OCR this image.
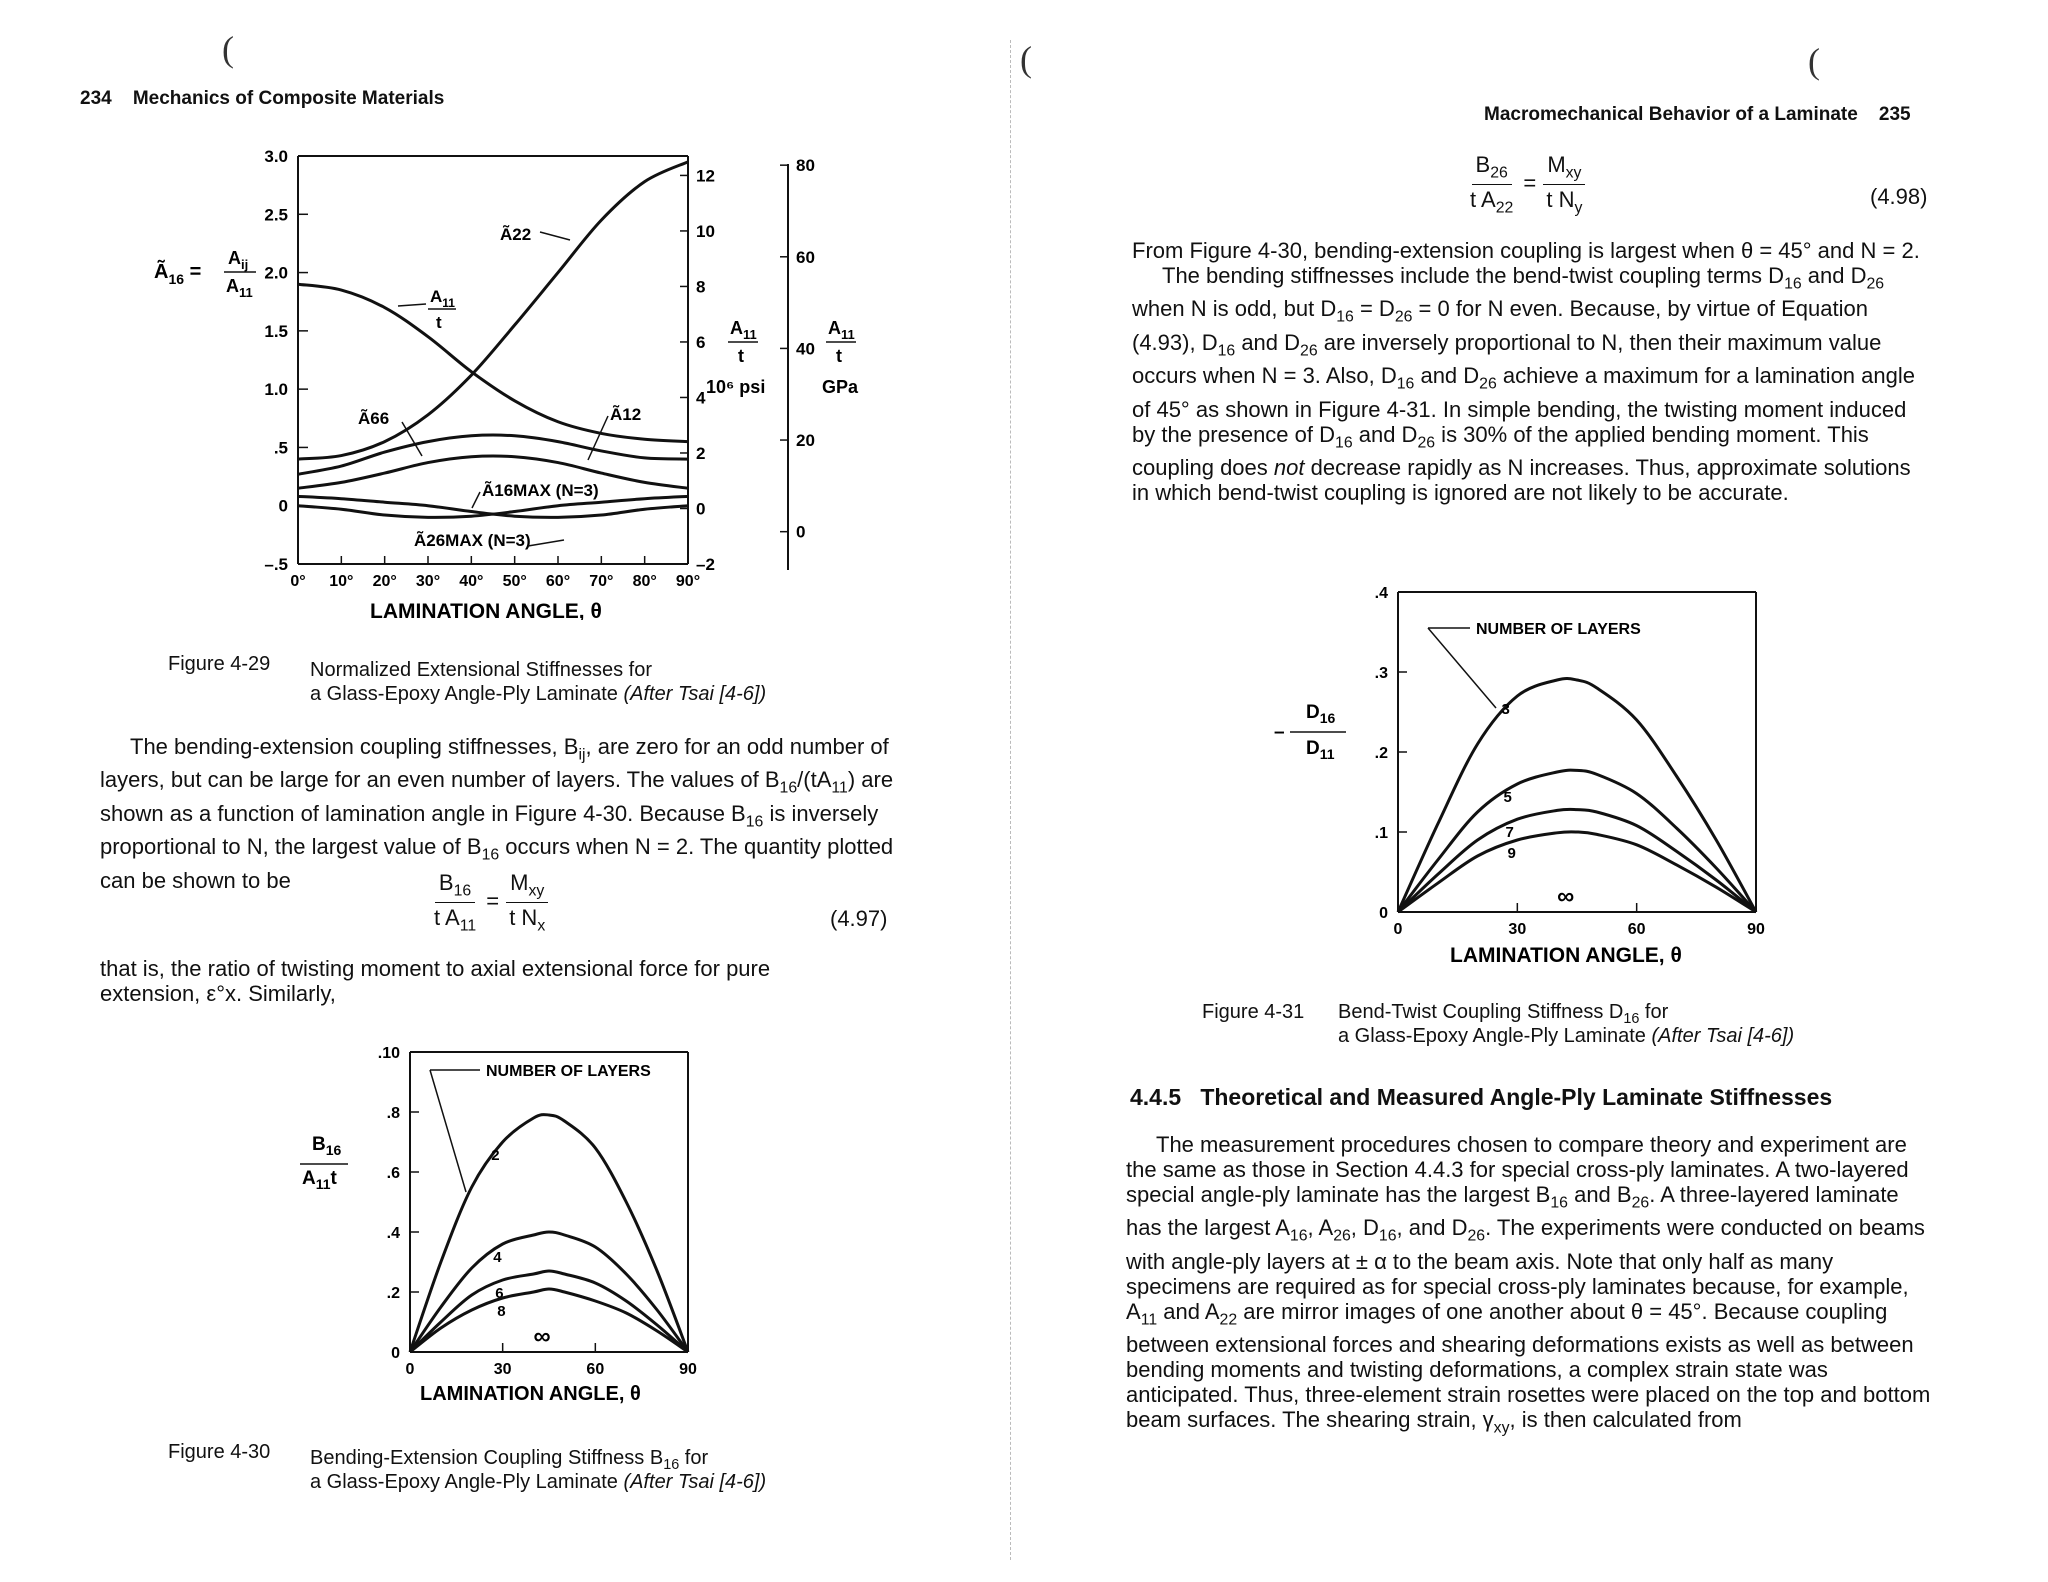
(	(	(
234 Mechanics of Composite Materials
3.0
2.5
2.0
1.5
1.0
.5
0
–.5
0° 10° 20° 30° 40° 50° 60° 70° 80° 90°
12
10
8
6
4
2
0
–2
80
60
40
20
0
$Ã_{16}$ =
$A_{ij}$
$A_{11}$
$A_{11}$
t
10⁶ psi
$A_{11}$
t
GPa
Ã22
$A_{11}$
t
Ã66	Ã12
Ã16MAX (N=3)
Ã26MAX (N=3)
LAMINATION ANGLE, θ
Figure 4-29 Normalized Extensional Stiffnesses for
a Glass-Epoxy Angle-Ply Laminate (After Tsai [4-6])

The bending-extension coupling stiffnesses, $B_{ij}$, are zero for an odd number of layers, but can be large for an even number of layers. The values of $B_{16}/(tA_{11})$ are shown as a function of lamination angle in Figure 4-30. Because $B_{16}$ is inversely proportional to N, the largest value of $B_{16}$ occurs when N = 2. The quantity plotted can be shown to be	$\frac{B_{16}}{t A_{11}} = \frac{M_{xy}}{t N_x}$	(4.97)
that is, the ratio of twisting moment to axial extensional force for pure
extension, ε°x. Similarly,
.10
.8
.6
.4
.2
0
0	30	60	90
2
4
6
8
∞
$B_{16}$
$A_{11}t$
NUMBER OF LAYERS
LAMINATION ANGLE, θ
Figure 4-30 Bending-Extension Coupling Stiffness $B_{16}$ for
a Glass-Epoxy Angle-Ply Laminate (After Tsai [4-6])
Macromechanical Behavior of a Laminate 235
$\frac{B_{26}}{t A_{22}} = \frac{M_{xy}}{t N_y}$	(4.98)
From Figure 4-30, bending-extension coupling is largest when θ = 45° and N = 2.

The bending stiffnesses include the bend-twist coupling terms $D_{16}$ and $D_{26}$ when N is odd, but $D_{16} = D_{26} = 0$ for N even. Because, by virtue of Equation (4.93), $D_{16}$ and $D_{26}$ are inversely proportional to N, then their maximum value occurs when N = 3. Also, $D_{16}$ and $D_{26}$ achieve a maximum for a lamination angle of 45° as shown in Figure 4-31. In simple bending, the twisting moment induced by the presence of $D_{16}$ and $D_{26}$ is 30% of the applied bending moment. This coupling does not decrease rapidly as N increases. Thus, approximate solutions in which bend-twist coupling is ignored are not likely to be accurate.

.4
.3
.2
.1
0
0	30	60	90
3
5
7
9
∞
$D_{16}$
–
$D_{11}$
NUMBER OF LAYERS
LAMINATION ANGLE, θ
Figure 4-31 Bend-Twist Coupling Stiffness $D_{16}$ for
a Glass-Epoxy Angle-Ply Laminate (After Tsai [4-6])
4.4.5 Theoretical and Measured Angle-Ply Laminate Stiffnesses

The measurement procedures chosen to compare theory and experiment are the same as those in Section 4.4.3 for special cross-ply laminates. A two-layered special angle-ply laminate has the largest $B_{16}$ and $B_{26}$. A three-layered laminate has the largest $A_{16}$, $A_{26}$, $D_{16}$, and $D_{26}$. The experiments were conducted on beams with angle-ply layers at ± α to the beam axis. Note that only half as many specimens are required as for special cross-ply laminates because, for example, $A_{11}$ and $A_{22}$ are mirror images of one another about θ = 45°. Because coupling between extensional forces and shearing deformations exists as well as between bending moments and twisting deformations, a complex strain state was anticipated. Thus, three-element strain rosettes were placed on the top and bottom beam surfaces. The shearing strain, $\gamma_{xy}$, is then calculated from
